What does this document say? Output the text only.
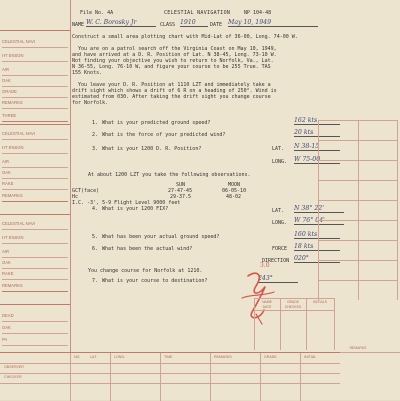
CELESTIAL NAVI
HT ENSGN
AIR
OAK
GRADE
REMARKS
THREE
CELESTIAL NAVI
HT ENSGN
AIR
OAK
RAKE
REMARKS
CELESTIAL NAVI
HT ENSGN
AIR
OAK
RAKE
REMARKS
DEAD
OAK
PA
File No. 4A	CELESTIAL NAVIGATION	NP 104-48
NAME W. C. Borosky Jr	CLASS 1910	DATE May 10, 1949
Construct a small area plotting chart with Mid-Lat of 36-00, Long. 74-00 W.
You are on a patrol search off the Virginia Coast on May 10, 1949,
and have arrived at a D. R. Position of Lat. N 38-45, Long. 73-10 W.
Not finding your objective you wish to return to Norfolk, Va., Lat.
N 36-55, Long. 76-10 W, and figure your course to be 255 True. TAS
155 Knots.
You leave your D. R. Position at 1110 LZT and immediately take a
drift sight which shows a drift of 6 R on a heading of 250°. Wind is
estimated from 030. After taking the drift sight you change course
for Norfolk.
1. What is your predicted ground speed?	162 kts
2. What is the force of your predicted wind?	20 kts
3. What is your 1200 D. R. Position?	LAT. N 38-15
LONG. W 75-00
At about 1200 LZT you take the following observations.
SUN	MOON
GCT(face)	27-47-45	06-05-10
Hc	29-37.5	48-02
I.C. -3', 5-9 Flight Level 9000 feet
4. What is your 1200 FIX?	LAT. N 38° 22'
LONG. W 76° 04'
5. What has been your actual ground speed?	160 kts
6. What has been the actual wind?	FORCE 18 kts
DIRECTION 020°
You change course for Norfolk at 1210.
7. What is your course to destination?	243°
3.0
NAME	GRADE	INITIALS
DATE	CHECKED
REMARKS
NO.	LAT.	LONG.	TIME	REMARKS	GRADE	INITIAL
OBSERVER
CHECKER
